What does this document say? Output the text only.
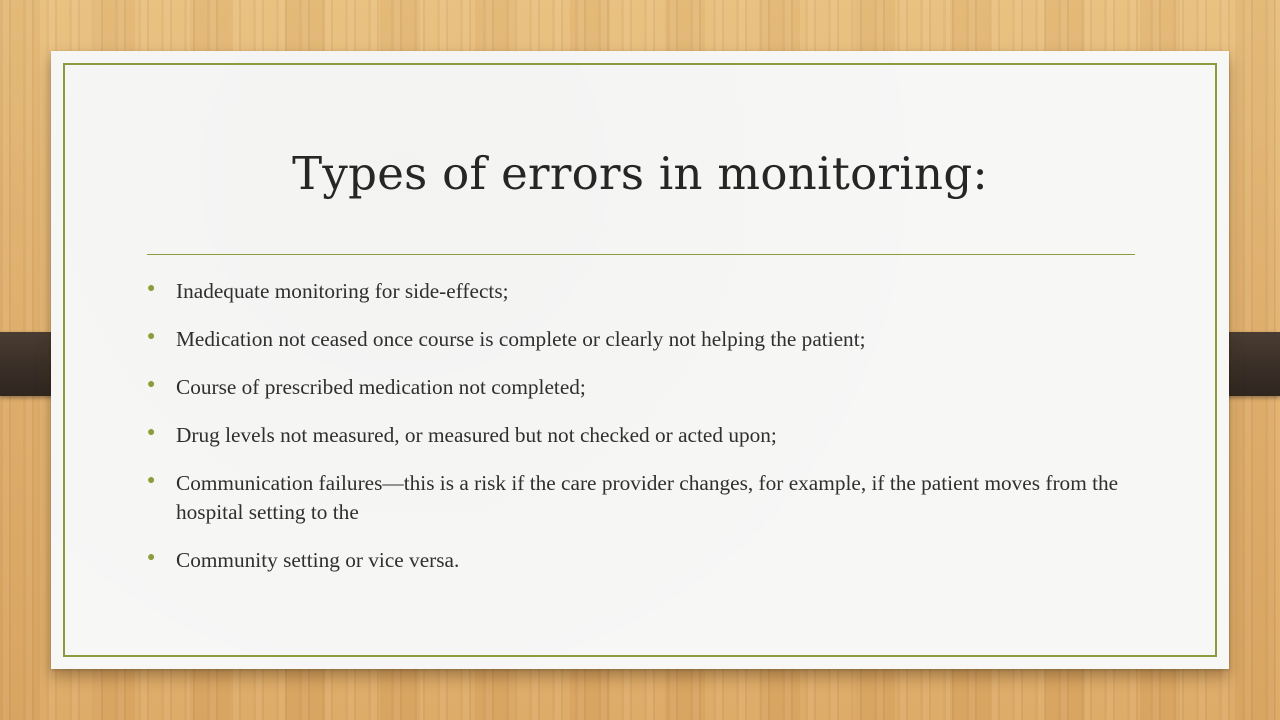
Types of errors in monitoring:
● Inadequate monitoring for side-effects;
● Medication not ceased once course is complete or clearly not helping the patient;
● Course of prescribed medication not completed;
● Drug levels not measured, or measured but not checked or acted upon;
● Communication failures—this is a risk if the care provider changes, for example, if the patient moves from the hospital setting to the
● Community setting or vice versa.
